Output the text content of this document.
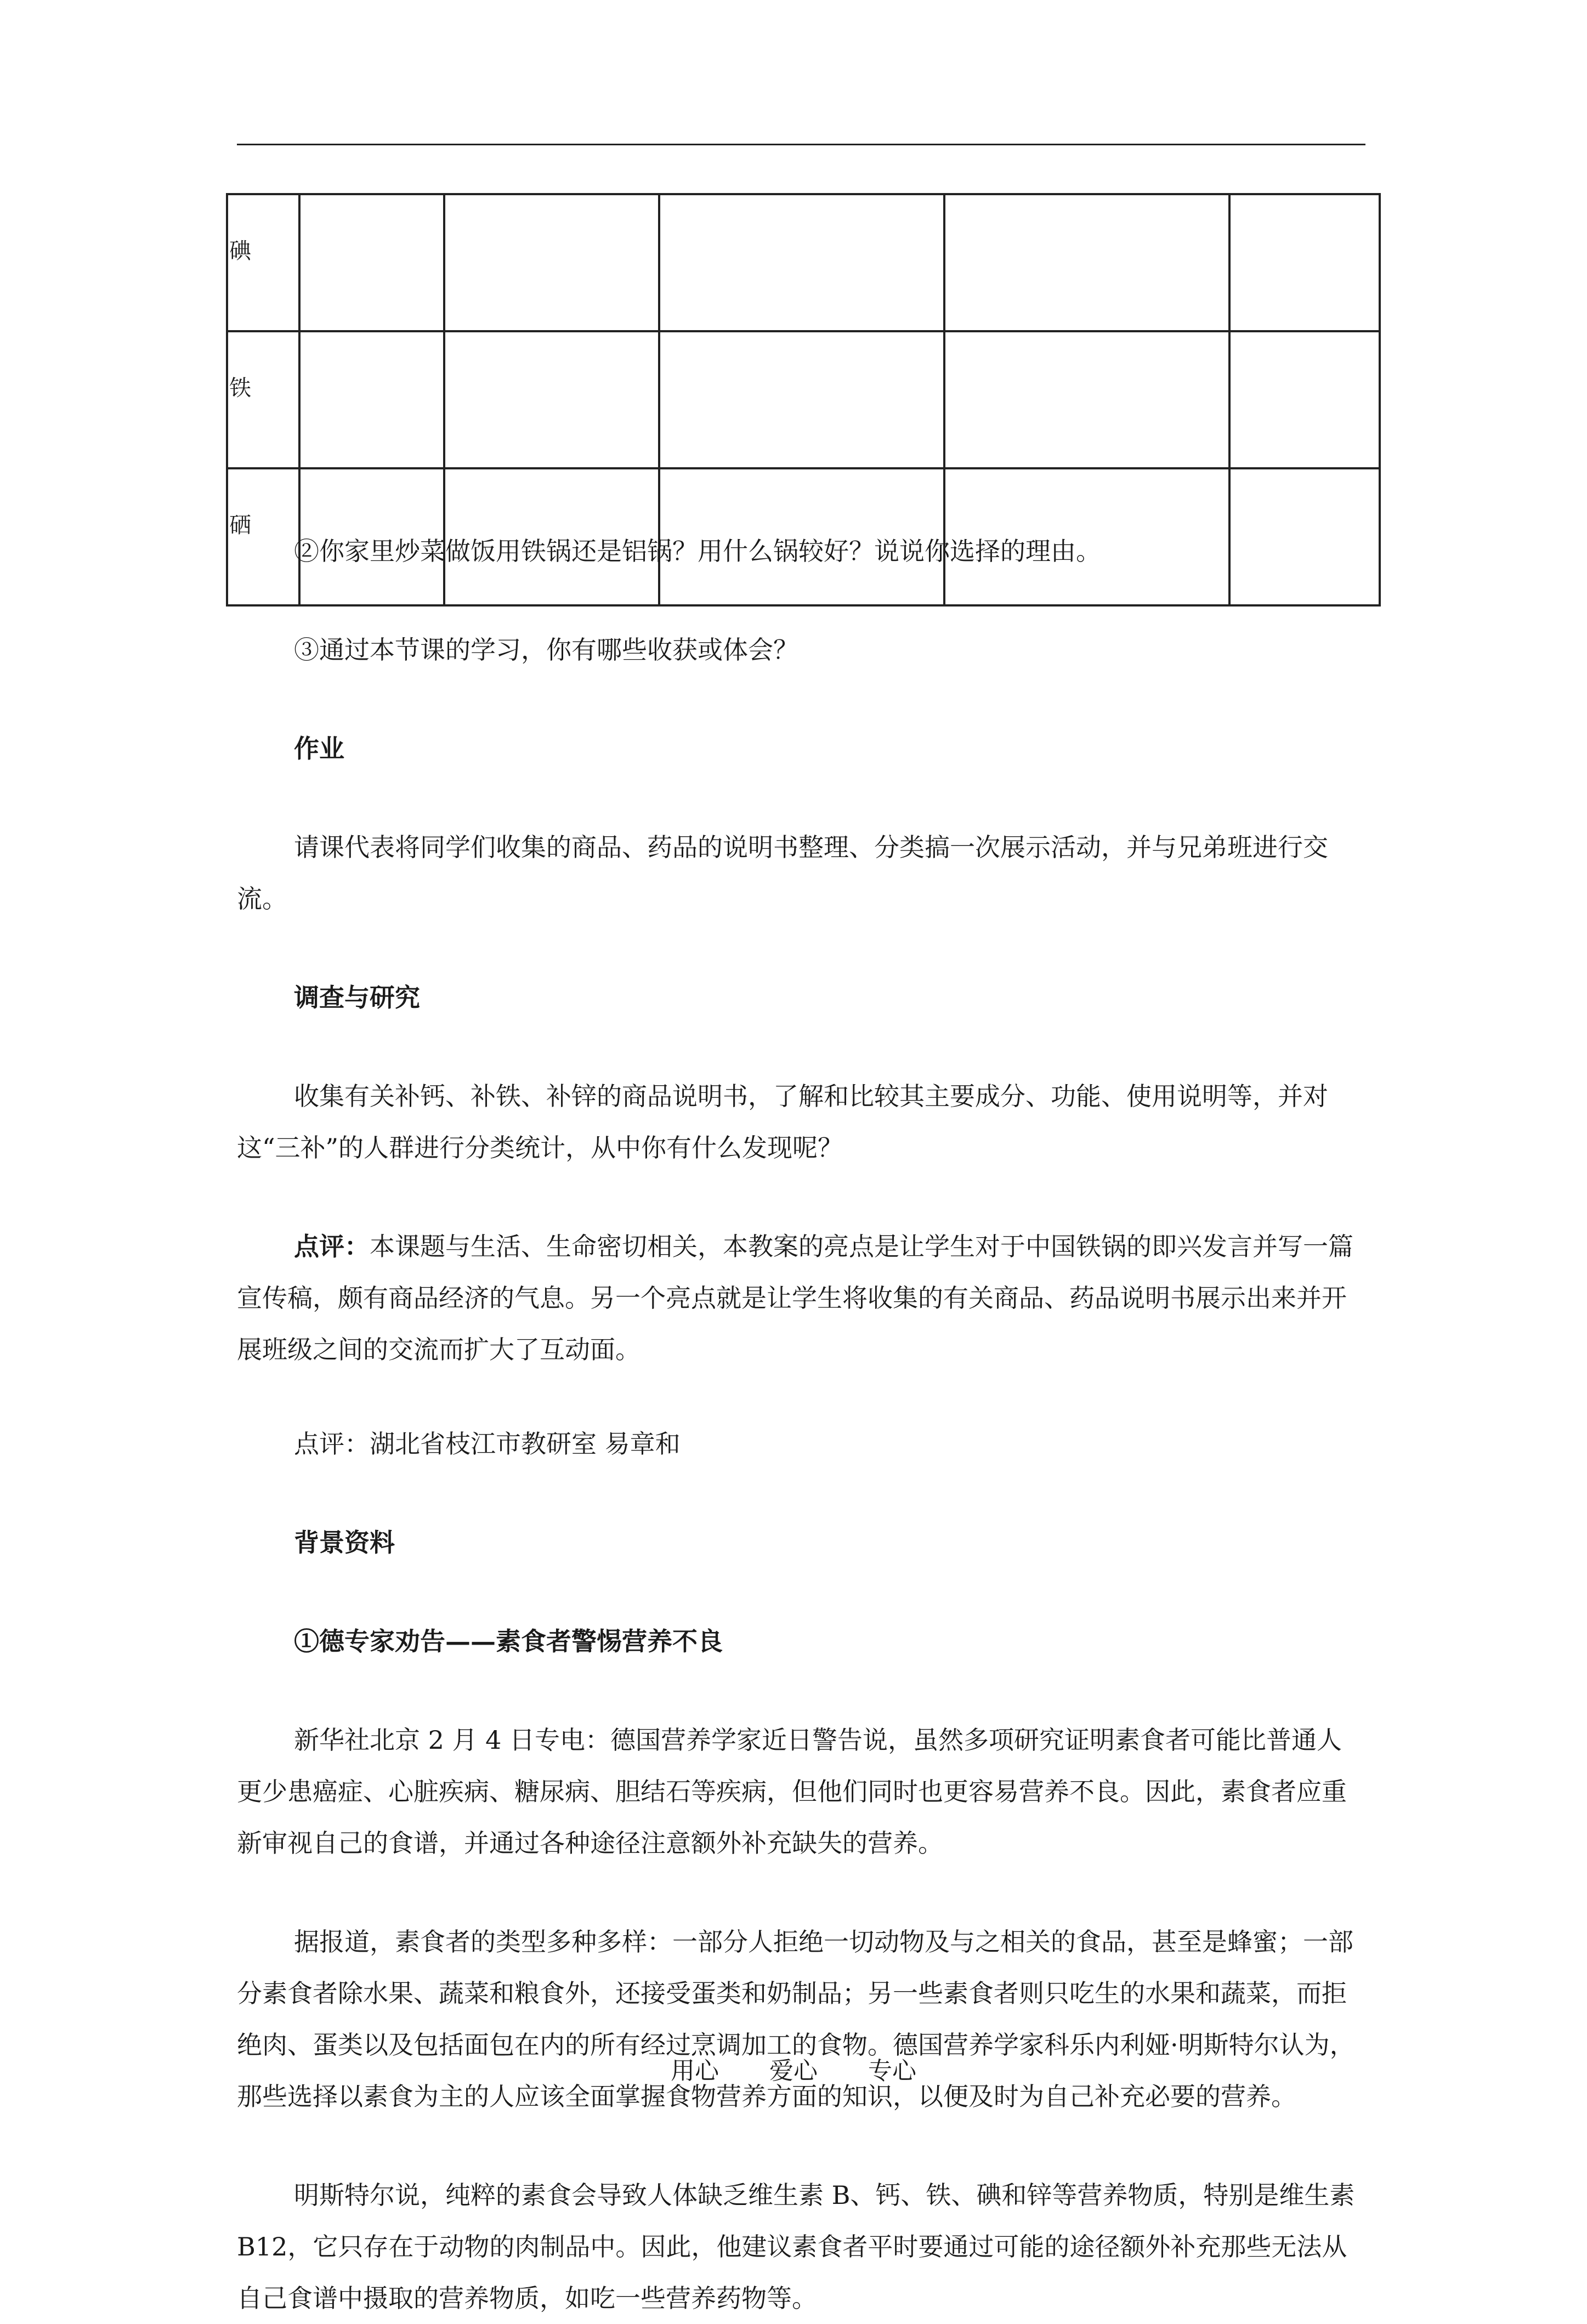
碘					
铁					
硒					

②你家里炒菜做饭用铁锅还是铝锅？用什么锅较好？说说你选择的理由。

③通过本节课的学习，你有哪些收获或体会？

作业

请课代表将同学们收集的商品、药品的说明书整理、分类搞一次展示活动，并与兄弟班进行交流。

调查与研究

收集有关补钙、补铁、补锌的商品说明书，了解和比较其主要成分、功能、使用说明等，并对这“三补”的人群进行分类统计，从中你有什么发现呢？

点评：本课题与生活、生命密切相关，本教案的亮点是让学生对于中国铁锅的即兴发言并写一篇宣传稿，颇有商品经济的气息。另一个亮点就是让学生将收集的有关商品、药品说明书展示出来并开展班级之间的交流而扩大了互动面。

点评：湖北省枝江市教研室 易章和

背景资料

①德专家劝告——素食者警惕营养不良

新华社北京 2 月 4 日专电：德国营养学家近日警告说，虽然多项研究证明素食者可能比普通人更少患癌症、心脏疾病、糖尿病、胆结石等疾病，但他们同时也更容易营养不良。因此，素食者应重新审视自己的食谱，并通过各种途径注意额外补充缺失的营养。

据报道，素食者的类型多种多样：一部分人拒绝一切动物及与之相关的食品，甚至是蜂蜜；一部分素食者除水果、蔬菜和粮食外，还接受蛋类和奶制品；另一些素食者则只吃生的水果和蔬菜，而拒绝肉、蛋类以及包括面包在内的所有经过烹调加工的食物。德国营养学家科乐内利娅·明斯特尔认为，那些选择以素食为主的人应该全面掌握食物营养方面的知识，以便及时为自己补充必要的营养。

明斯特尔说，纯粹的素食会导致人体缺乏维生素 B、钙、铁、碘和锌等营养物质，特别是维生素 B12，它只存在于动物的肉制品中。因此，他建议素食者平时要通过可能的途径额外补充那些无法从自己食谱中摄取的营养物质，如吃一些营养药物等。

用心 爱心 专心
